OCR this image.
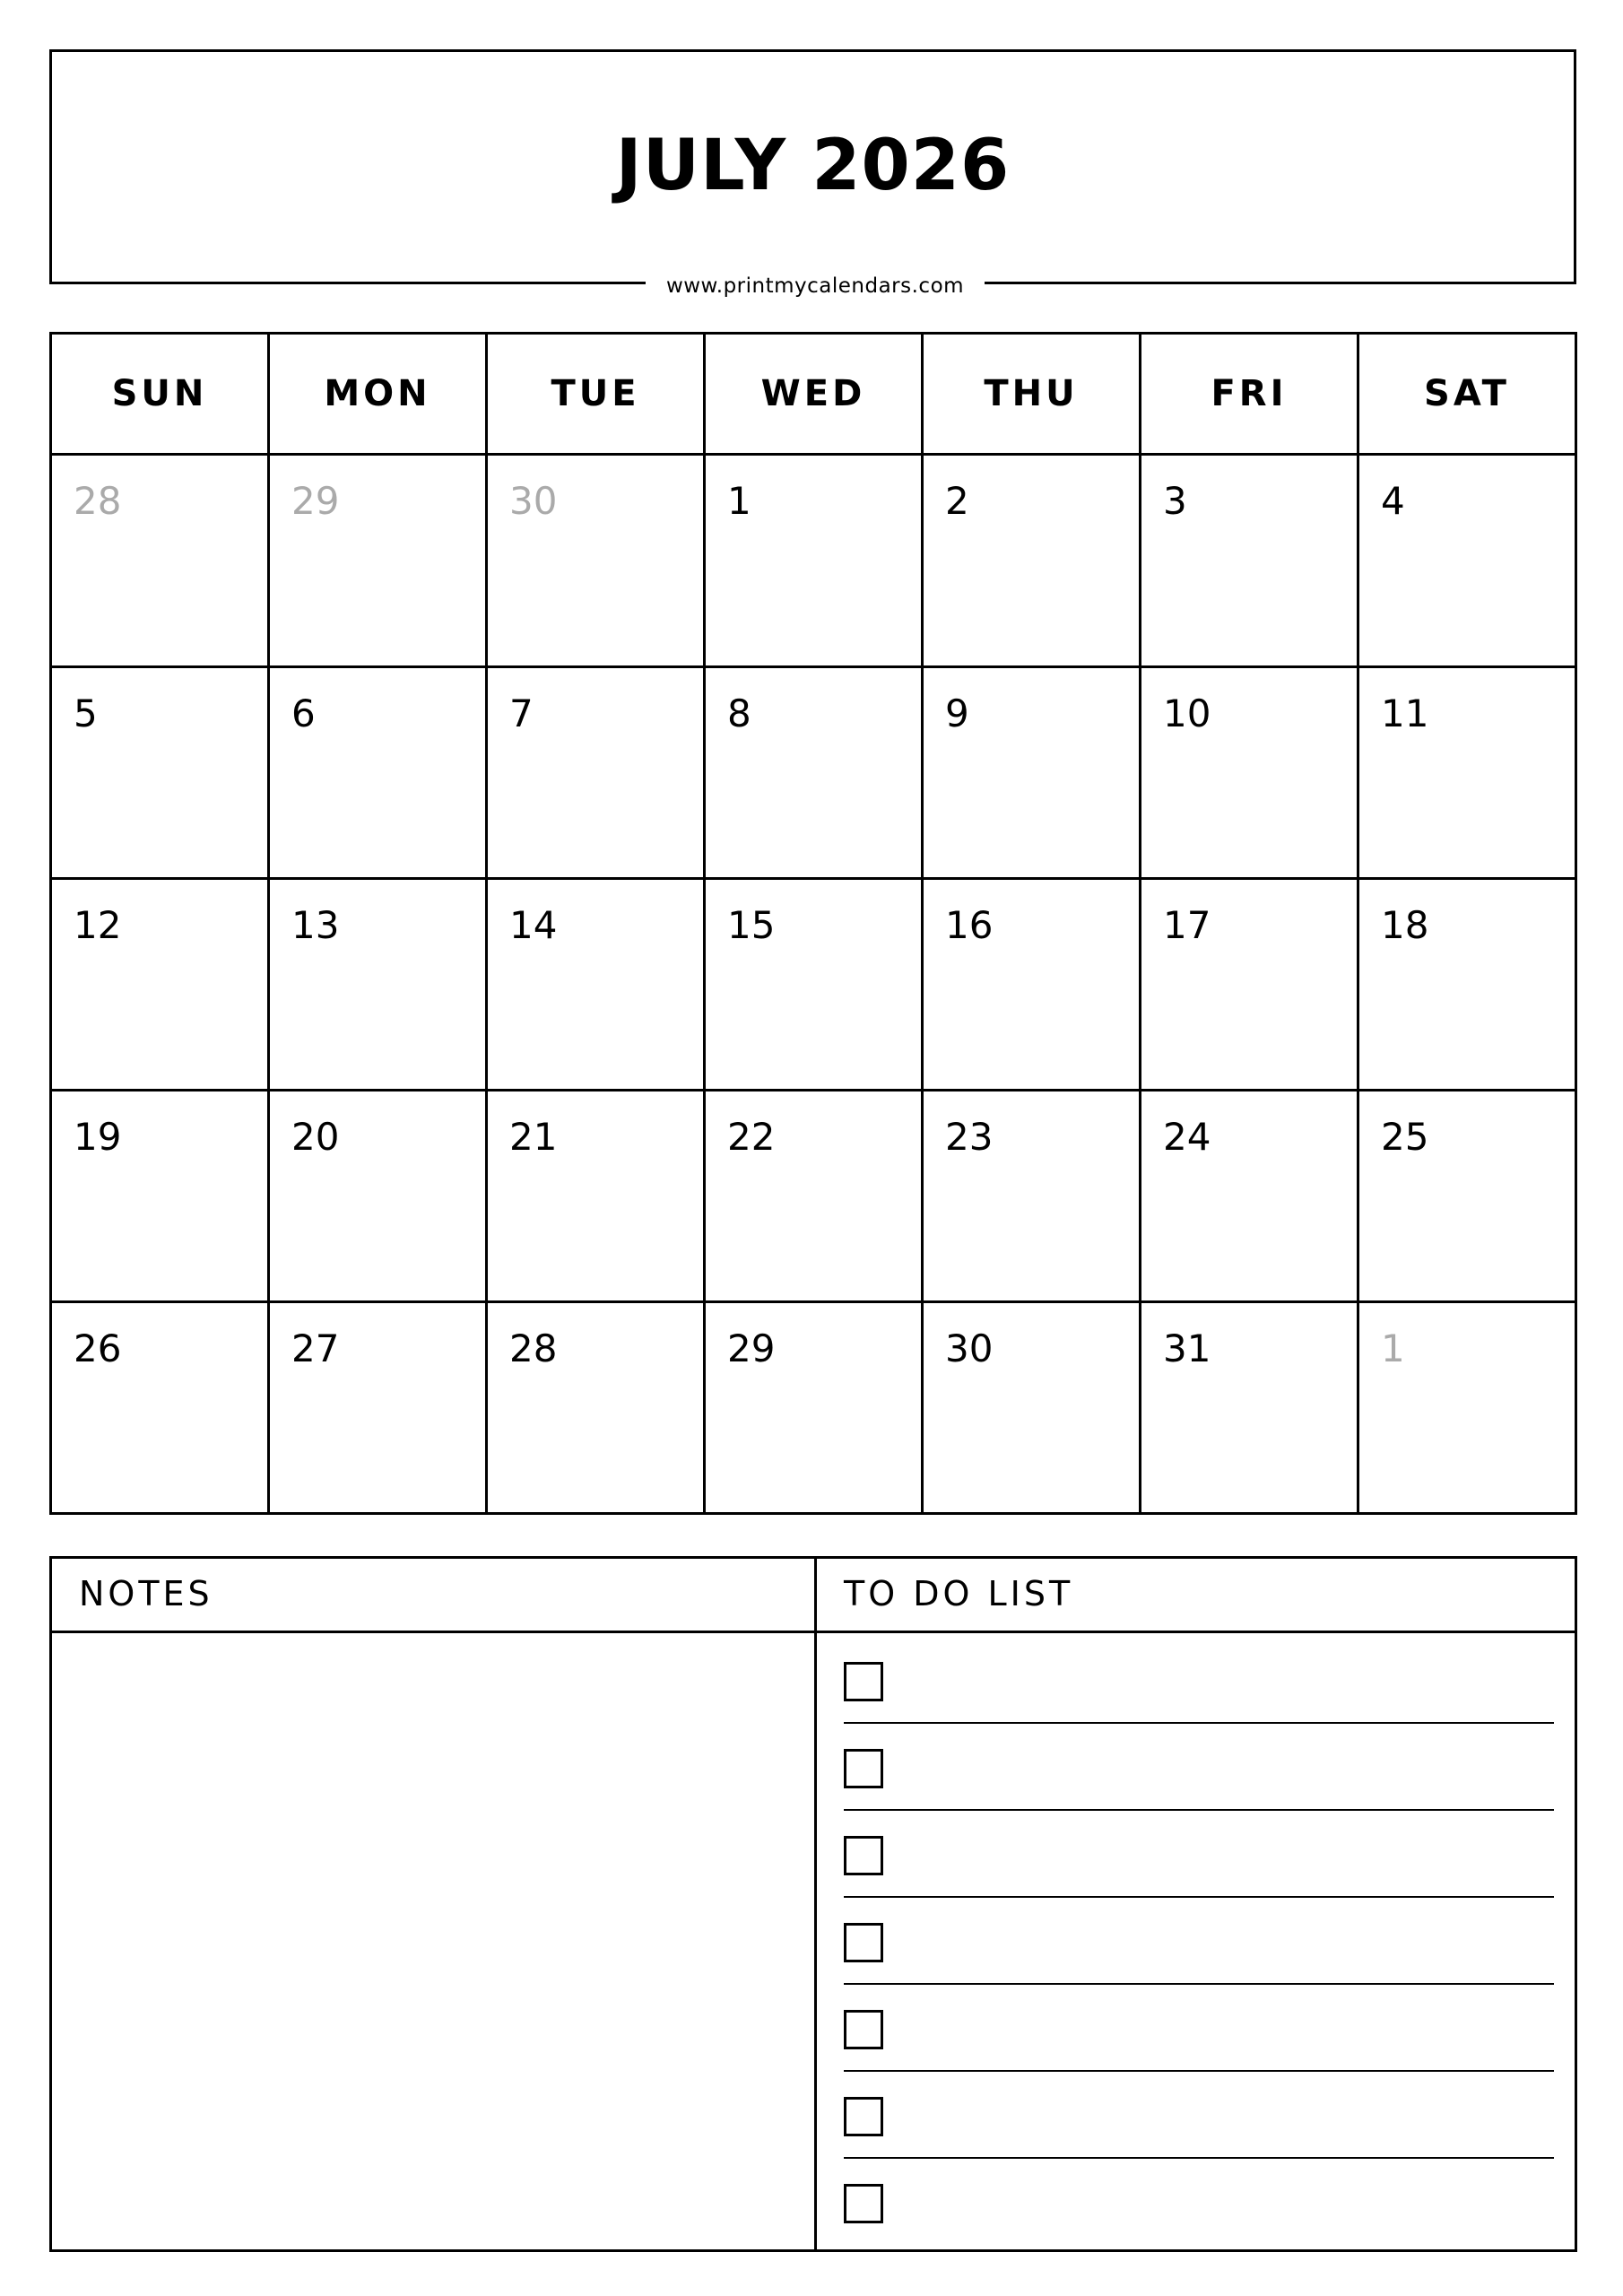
JULY 2026
www.printmycalendars.com
SUN	MON	TUE	WED	THU	FRI	SAT
28	29	30	1	2	3	4
5	6	7	8	9	10	11
12	13	14	15	16	17	18
19	20	21	22	23	24	25
26	27	28	29	30	31	1
NOTES	TO DO LIST
